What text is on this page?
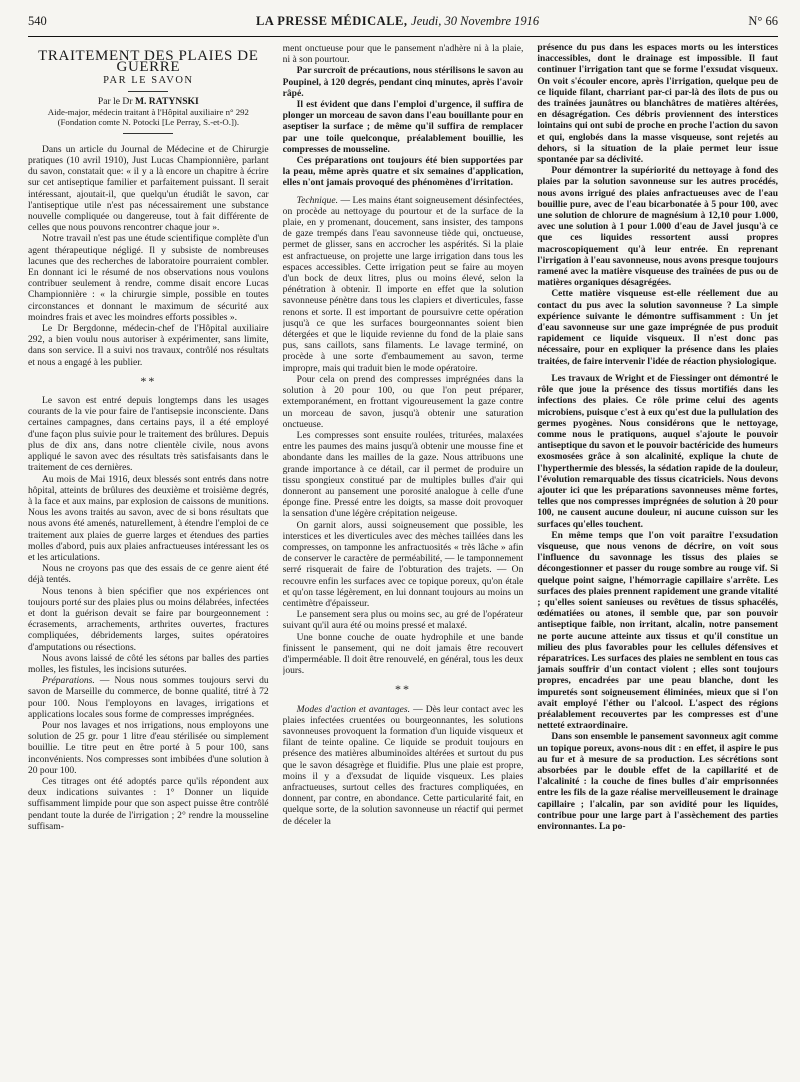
540	LA PRESSE MÉDICALE, Jeudi, 30 Novembre 1916	N° 66
TRAITEMENT DES PLAIES DE GUERRE
PAR LE SAVON
Par le Dr M. RATYNSKI
Aide-major, médecin traitant à l'Hôpital auxiliaire n° 292 (Fondation comte N. Potocki [Le Perray, S.-et-O.]).

Dans un article du Journal de Médecine et de Chirurgie pratiques (10 avril 1910), Just Lucas Championnière, parlant du savon, constatait que: « il y a là encore un chapitre à écrire sur cet antiseptique familier et parfaitement puissant. Il serait intéressant, ajoutait-il, que quelqu'un étudiât le savon, car l'antiseptique utile n'est pas nécessairement une substance nouvelle compliquée ou dangereuse, tout à fait différente de celles que nous pouvons rencontrer chaque jour ».

Notre travail n'est pas une étude scientifique complète d'un agent thérapeutique négligé. Il y subsiste de nombreuses lacunes que des recherches de laboratoire pourraient combler. En donnant ici le résumé de nos observations nous voulons contribuer seulement à rendre, comme disait encore Lucas Championnière : « la chirurgie simple, possible en toutes circonstances et donnant le maximum de sécurité aux moindres frais et avec les moindres efforts possibles ».

Le Dr Bergdonne, médecin-chef de l'Hôpital auxiliaire 292, a bien voulu nous autoriser à expérimenter, sans limite, dans son service. Il a suivi nos travaux, contrôlé nos résultats et nous a engagé à les publier.

**

Le savon est entré depuis longtemps dans les usages courants de la vie pour faire de l'antisepsie inconsciente. Dans certaines campagnes, dans certains pays, il a été employé d'une façon plus suivie pour le traitement des brûlures. Depuis plus de dix ans, dans notre clientèle civile, nous avons appliqué le savon avec des résultats très satisfaisants dans le traitement de ces dernières.

Au mois de Mai 1916, deux blessés sont entrés dans notre hôpital, atteints de brûlures des deuxième et troisième degrés, à la face et aux mains, par explosion de caissons de munitions. Nous les avons traités au savon, avec de si bons résultats que nous avons été amenés, naturellement, à étendre l'emploi de ce traitement aux plaies de guerre larges et étendues des parties molles d'abord, puis aux plaies anfractueuses intéressant les os et les articulations.

Nous ne croyons pas que des essais de ce genre aient été déjà tentés.

Nous tenons à bien spécifier que nos expériences ont toujours porté sur des plaies plus ou moins délabrées, infectées et dont la guérison devait se faire par bourgeonnement : écrasements, arrachements, arthrites ouvertes, fractures compliquées, débridements larges, suites opératoires d'amputations ou résections.

Nous avons laissé de côté les sétons par balles des parties molles, les fistules, les incisions suturées.

Préparations. — Nous nous sommes toujours servi du savon de Marseille du commerce, de bonne qualité, titré à 72 pour 100. Nous l'employons en lavages, irrigations et applications locales sous forme de compresses imprégnées.

Pour nos lavages et nos irrigations, nous employons une solution de 25 gr. pour 1 litre d'eau stérilisée ou simplement bouillie. Le titre peut en être porté à 5 pour 100, sans inconvénients. Nos compresses sont imbibées d'une solution à 20 pour 100.

Ces titrages ont été adoptés parce qu'ils répondent aux deux indications suivantes : 1° Donner un liquide suffisamment limpide pour que son aspect puisse être contrôlé pendant toute la durée de l'irrigation ; 2° rendre la mousseline suffisam-

ment onctueuse pour que le pansement n'adhère ni à la plaie, ni à son pourtour.

Par surcroît de précautions, nous stérilisons le savon au Poupinel, à 120 degrés, pendant cinq minutes, après l'avoir râpé.

Il est évident que dans l'emploi d'urgence, il suffira de plonger un morceau de savon dans l'eau bouillante pour en aseptiser la surface ; de même qu'il suffira de remplacer par une toile quelconque, préalablement bouillie, les compresses de mousseline.

Ces préparations ont toujours été bien supportées par la peau, même après quatre et six semaines d'application, elles n'ont jamais provoqué des phénomènes d'irritation.

Technique. — Les mains étant soigneusement désinfectées, on procède au nettoyage du pourtour et de la surface de la plaie, en y promenant, doucement, sans insister, des tampons de gaze trempés dans l'eau savonneuse tiède qui, onctueuse, permet de glisser, sans en accrocher les aspérités. Si la plaie est anfractueuse, on projette une large irrigation dans tous les espaces accessibles. Cette irrigation peut se faire au moyen d'un bock de deux litres, plus ou moins élevé, selon la pénétration à obtenir. Il importe en effet que la solution savonneuse pénètre dans tous les clapiers et diverticules, fasse renons et sorte. Il est important de poursuivre cette opération jusqu'à ce que les surfaces bourgeonnantes soient bien détergées et que le liquide revienne du fond de la plaie sans pus, sans caillots, sans filaments. Le lavage terminé, on procède à une sorte d'embaumement au savon, terme impropre, mais qui traduit bien le mode opératoire.

Pour cela on prend des compresses imprégnées dans la solution à 20 pour 100, ou que l'on peut préparer, extemporanément, en frottant vigoureusement la gaze contre un morceau de savon, jusqu'à obtenir une saturation onctueuse.

Les compresses sont ensuite roulées, triturées, malaxées entre les paumes des mains jusqu'à obtenir une mousse fine et abondante dans les mailles de la gaze. Nous attribuons une grande importance à ce détail, car il permet de produire un tissu spongieux constitué par de multiples bulles d'air qui donneront au pansement une porosité analogue à celle d'une éponge fine. Pressé entre les doigts, sa masse doit provoquer la sensation d'une légère crépitation neigeuse.

On garnit alors, aussi soigneusement que possible, les interstices et les diverticules avec des mèches taillées dans les compresses, on tamponne les anfractuosités « très lâche » afin de conserver le caractère de perméabilité, — le tamponnement serré risquerait de faire de l'obturation des trajets. — On recouvre enfin les surfaces avec ce topique poreux, qu'on étale et qu'on tasse légèrement, en lui donnant toujours au moins un centimètre d'épaisseur.

Le pansement sera plus ou moins sec, au gré de l'opérateur suivant qu'il aura été ou moins pressé et malaxé.

Une bonne couche de ouate hydrophile et une bande finissent le pansement, qui ne doit jamais être recouvert d'imperméable. Il doit être renouvelé, en général, tous les deux jours.

**

Modes d'action et avantages. — Dès leur contact avec les plaies infectées cruentées ou bourgeonnantes, les solutions savonneuses provoquent la formation d'un liquide visqueux et filant de teinte opaline. Ce liquide se produit toujours en présence des matières albuminoïdes altérées et surtout du pus que le savon désagrège et fluidifie. Plus une plaie est propre, moins il y a d'exsudat de liquide visqueux. Les plaies anfractueuses, surtout celles des fractures compliquées, en donnent, par contre, en abondance. Cette particularité fait, en quelque sorte, de la solution savonneuse un réactif qui permet de déceler la

présence du pus dans les espaces morts ou les interstices inaccessibles, dont le drainage est impossible. Il faut continuer l'irrigation tant que se forme l'exsudat visqueux. On voit s'écouler encore, après l'irrigation, quelque peu de ce liquide filant, charriant par-ci par-là des îlots de pus ou des traînées jaunâtres ou blanchâtres de matières altérées, en désagrégation. Ces débris proviennent des interstices lointains qui ont subi de proche en proche l'action du savon et qui, englobés dans la masse visqueuse, sont rejetés au dehors, si la situation de la plaie permet leur issue spontanée par sa déclivité.

Pour démontrer la supériorité du nettoyage à fond des plaies par la solution savonneuse sur les autres procédés, nous avons irrigué des plaies anfractueuses avec de l'eau bouillie pure, avec de l'eau bicarbonatée à 5 pour 100, avec une solution de chlorure de magnésium à 12,10 pour 1.000, avec une solution à 1 pour 1.000 d'eau de Javel jusqu'à ce que ces liquides ressortent aussi propres macroscopiquement qu'à leur entrée. En reprenant l'irrigation à l'eau savonneuse, nous avons presque toujours ramené avec la matière visqueuse des traînées de pus ou de matières organiques désagrégées.

Cette matière visqueuse est-elle réellement due au contact du pus avec la solution savonneuse ? La simple expérience suivante le démontre suffisamment : Un jet d'eau savonneuse sur une gaze imprégnée de pus produit rapidement ce liquide visqueux. Il n'est donc pas nécessaire, pour en expliquer la présence dans les plaies traitées, de faire intervenir l'idée de réaction physiologique.

Les travaux de Wright et de Fiessinger ont démontré le rôle que joue la présence des tissus mortifiés dans les infections des plaies. Ce rôle prime celui des agents microbiens, puisque c'est à eux qu'est due la pullulation des germes pyogènes. Nous considérons que le nettoyage, comme nous le pratiquons, auquel s'ajoute le pouvoir antiseptique du savon et le pouvoir bactéricide des humeurs exosmosées grâce à son alcalinité, explique la chute de l'hyperthermie des blessés, la sédation rapide de la douleur, l'évolution remarquable des tissus cicatriciels. Nous devons ajouter ici que les préparations savonneuses même fortes, telles que nos compresses imprégnées de solution à 20 pour 100, ne causent aucune douleur, ni aucune cuisson sur les surfaces qu'elles touchent.

En même temps que l'on voit paraître l'exsudation visqueuse, que nous venons de décrire, on voit sous l'influence du savonnage les tissus des plaies se décongestionner et passer du rouge sombre au rouge vif. Si quelque point saigne, l'hémorragie capillaire s'arrête. Les surfaces des plaies prennent rapidement une grande vitalité ; qu'elles soient sanieuses ou revêtues de tissus sphacélés, œdématiées ou atones, il semble que, par son pouvoir antiseptique faible, non irritant, alcalin, notre pansement ne porte aucune atteinte aux tissus et qu'il constitue un milieu des plus favorables pour les cellules défensives et réparatrices. Les surfaces des plaies ne semblent en tous cas jamais souffrir d'un contact violent ; elles sont toujours propres, encadrées par une peau blanche, dont les impuretés sont soigneusement éliminées, mieux que si l'on avait employé l'éther ou l'alcool. L'aspect des régions préalablement recouvertes par les compresses est d'une netteté extraordinaire.

Dans son ensemble le pansement savonneux agit comme un topique poreux, avons-nous dit : en effet, il aspire le pus au fur et à mesure de sa production. Les sécrétions sont absorbées par le double effet de la capillarité et de l'alcalinité : la couche de fines bulles d'air emprisonnées entre les fils de la gaze réalise merveilleusement le drainage capillaire ; l'alcalin, par son avidité pour les liquides, contribue pour une large part à l'assèchement des parties environnantes. La po-
